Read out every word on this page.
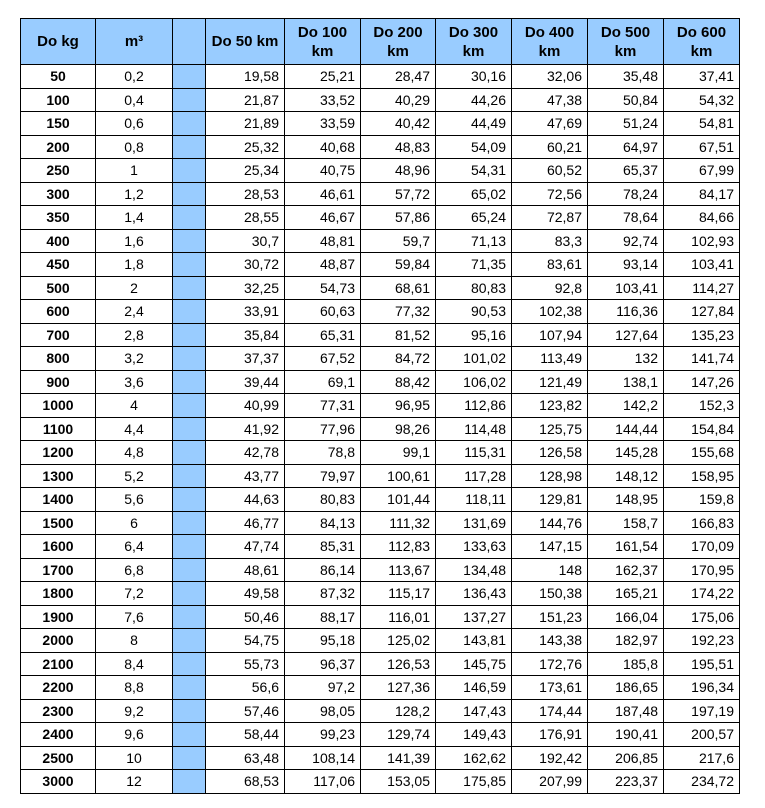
Do kg	m³		Do 50 km	Do 100 km	Do 200 km	Do 300 km	Do 400 km	Do 500 km	Do 600 km
50	0,2		19,58	25,21	28,47	30,16	32,06	35,48	37,41
100	0,4		21,87	33,52	40,29	44,26	47,38	50,84	54,32
150	0,6		21,89	33,59	40,42	44,49	47,69	51,24	54,81
200	0,8		25,32	40,68	48,83	54,09	60,21	64,97	67,51
250	1		25,34	40,75	48,96	54,31	60,52	65,37	67,99
300	1,2		28,53	46,61	57,72	65,02	72,56	78,24	84,17
350	1,4		28,55	46,67	57,86	65,24	72,87	78,64	84,66
400	1,6		30,7	48,81	59,7	71,13	83,3	92,74	102,93
450	1,8		30,72	48,87	59,84	71,35	83,61	93,14	103,41
500	2		32,25	54,73	68,61	80,83	92,8	103,41	114,27
600	2,4		33,91	60,63	77,32	90,53	102,38	116,36	127,84
700	2,8		35,84	65,31	81,52	95,16	107,94	127,64	135,23
800	3,2		37,37	67,52	84,72	101,02	113,49	132	141,74
900	3,6		39,44	69,1	88,42	106,02	121,49	138,1	147,26
1000	4		40,99	77,31	96,95	112,86	123,82	142,2	152,3
1100	4,4		41,92	77,96	98,26	114,48	125,75	144,44	154,84
1200	4,8		42,78	78,8	99,1	115,31	126,58	145,28	155,68
1300	5,2		43,77	79,97	100,61	117,28	128,98	148,12	158,95
1400	5,6		44,63	80,83	101,44	118,11	129,81	148,95	159,8
1500	6		46,77	84,13	111,32	131,69	144,76	158,7	166,83
1600	6,4		47,74	85,31	112,83	133,63	147,15	161,54	170,09
1700	6,8		48,61	86,14	113,67	134,48	148	162,37	170,95
1800	7,2		49,58	87,32	115,17	136,43	150,38	165,21	174,22
1900	7,6		50,46	88,17	116,01	137,27	151,23	166,04	175,06
2000	8		54,75	95,18	125,02	143,81	143,38	182,97	192,23
2100	8,4		55,73	96,37	126,53	145,75	172,76	185,8	195,51
2200	8,8		56,6	97,2	127,36	146,59	173,61	186,65	196,34
2300	9,2		57,46	98,05	128,2	147,43	174,44	187,48	197,19
2400	9,6		58,44	99,23	129,74	149,43	176,91	190,41	200,57
2500	10		63,48	108,14	141,39	162,62	192,42	206,85	217,6
3000	12		68,53	117,06	153,05	175,85	207,99	223,37	234,72
